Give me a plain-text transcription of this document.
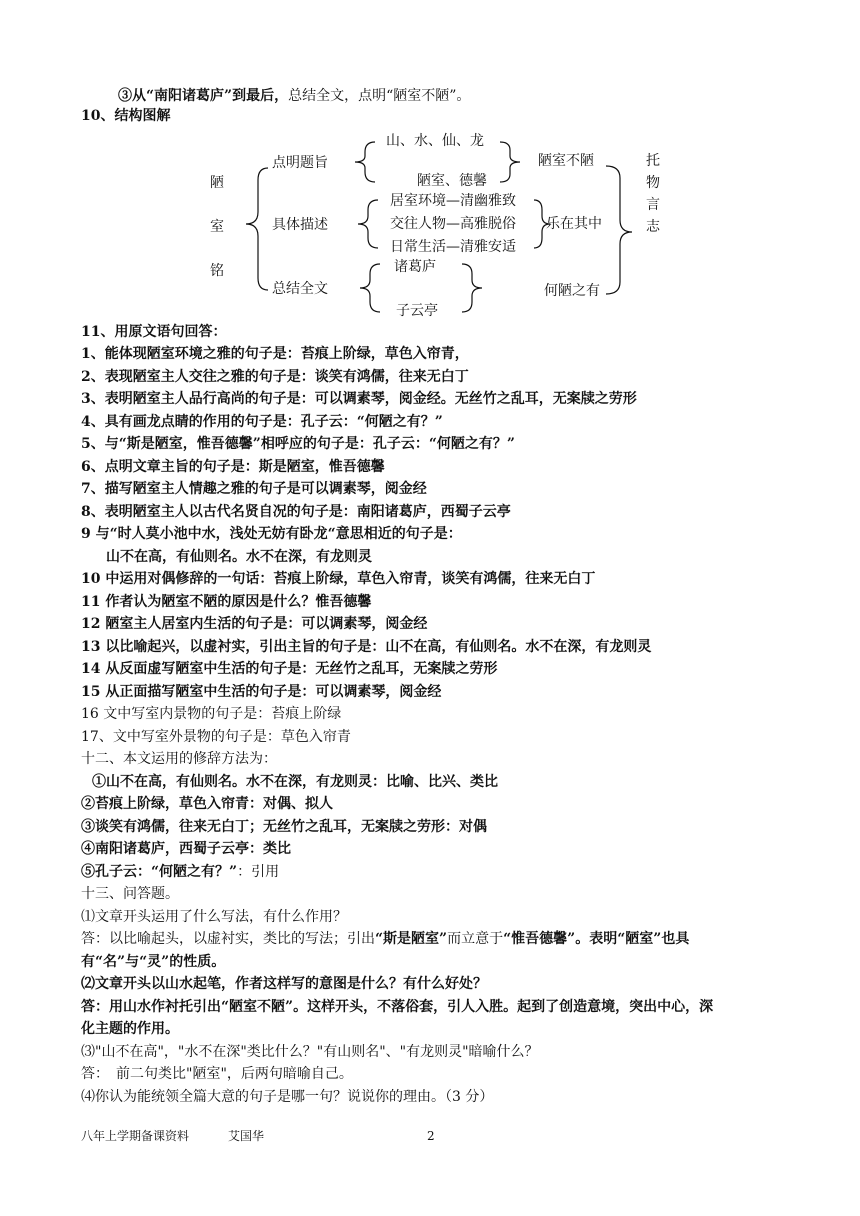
③从“南阳诸葛庐”到最后，总结全文，点明“陋室不陋”。
10、结构图解
陋
室
铭
点明题旨
具体描述
总结全文
山、水、仙、龙
陋室、德馨
陋室不陋
居室环境—清幽雅致
交往人物—高雅脱俗
日常生活—清雅安适
乐在其中
诸葛庐
子云亭
何陋之有
托
物
言
志
11、用原文语句回答：
1、能体现陋室环境之雅的句子是：苔痕上阶绿，草色入帘青，
2、表现陋室主人交往之雅的句子是：谈笑有鸿儒，往来无白丁
3、表明陋室主人品行高尚的句子是：可以调素琴，阅金经。无丝竹之乱耳，无案牍之劳形
4、具有画龙点睛的作用的句子是：孔子云：“何陋之有？”
5、与“斯是陋室，惟吾德馨”相呼应的句子是：孔子云：“何陋之有？”
6、点明文章主旨的句子是：斯是陋室，惟吾德馨
7、描写陋室主人情趣之雅的句子是可以调素琴，阅金经
8、表明陋室主人以古代名贤自况的句子是：南阳诸葛庐，西蜀子云亭
9 与“时人莫小池中水，浅处无妨有卧龙“意思相近的句子是：
山不在高，有仙则名。水不在深，有龙则灵
10 中运用对偶修辞的一句话：苔痕上阶绿，草色入帘青，谈笑有鸿儒，往来无白丁
11 作者认为陋室不陋的原因是什么？惟吾德馨
12 陋室主人居室内生活的句子是：可以调素琴，阅金经
13 以比喻起兴，以虚衬实，引出主旨的句子是：山不在高，有仙则名。水不在深，有龙则灵
14 从反面虚写陋室中生活的句子是：无丝竹之乱耳，无案牍之劳形
15 从正面描写陋室中生活的句子是：可以调素琴，阅金经
16 文中写室内景物的句子是：苔痕上阶绿
17、文中写室外景物的句子是：草色入帘青
十二、本文运用的修辞方法为：
①山不在高，有仙则名。水不在深，有龙则灵：比喻、比兴、类比
②苔痕上阶绿，草色入帘青：对偶、拟人
③谈笑有鸿儒，往来无白丁；无丝竹之乱耳，无案牍之劳形：对偶
④南阳诸葛庐，西蜀子云亭：类比
⑤孔子云：“何陋之有？”：引用
十三、问答题。
⑴文章开头运用了什么写法，有什么作用？
答：以比喻起头，以虚衬实，类比的写法；引出“斯是陋室”而立意于“惟吾德馨”。表明“陋室”也具
有“名”与“灵”的性质。
⑵文章开头以山水起笔，作者这样写的意图是什么？有什么好处？
答：用山水作衬托引出“陋室不陋”。这样开头，不落俗套，引人入胜。起到了创造意境，突出中心，深
化主题的作用。
⑶"山不在高"，"水不在深"类比什么？"有山则名"、"有龙则灵"暗喻什么？
答：　前二句类比"陋室"，后两句暗喻自己。
⑷你认为能统领全篇大意的句子是哪一句？说说你的理由。（3 分）
八年上学期备课资料	艾国华	2
